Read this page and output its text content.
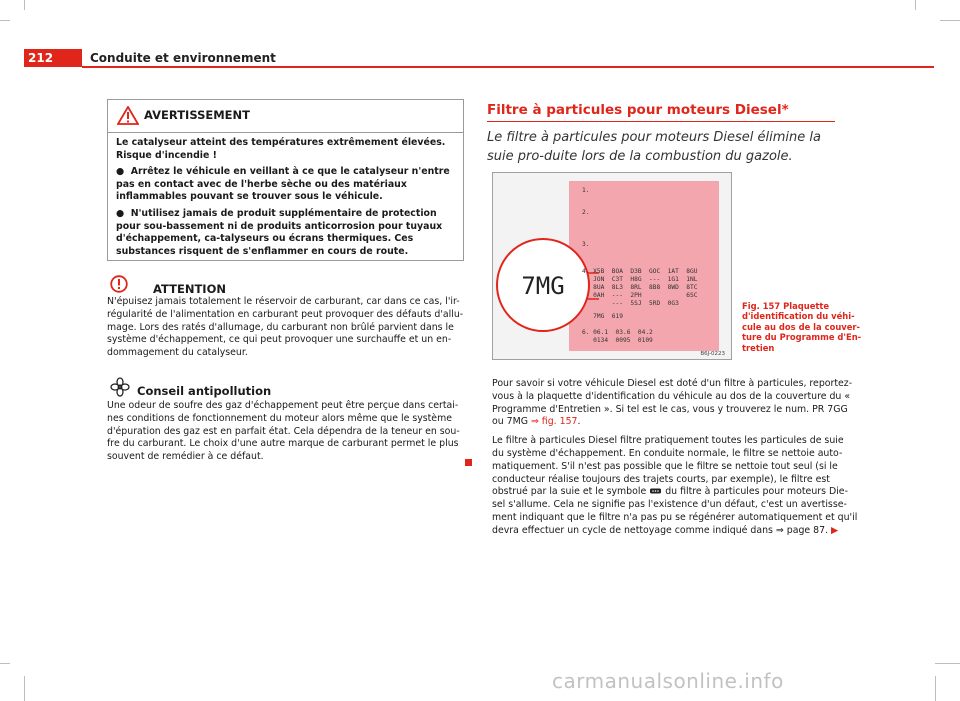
212	Conduite et environnement
AVERTISSEMENT

Le catalyseur atteint des températures extrêmement élevées. Risque d'incendie !

● Arrêtez le véhicule en veillant à ce que le catalyseur n'entre pas en contact avec de l'herbe sèche ou des matériaux inflammables pouvant se trouver sous le véhicule.

● N'utilisez jamais de produit supplémentaire de protection pour sou-bassement ni de produits anticorrosion pour tuyaux d'échappement, ca-talyseurs ou écrans thermiques. Ces substances risquent de s'enflammer en cours de route.

ATTENTION

N'épuisez jamais totalement le réservoir de carburant, car dans ce cas, l'ir-régularité de l'alimentation en carburant peut provoquer des défauts d'allu-mage. Lors des ratés d'allumage, du carburant non brûlé parvient dans le système d'échappement, ce qui peut provoquer une surchauffe et un en-dommagement du catalyseur.

Conseil antipollution

Une odeur de soufre des gaz d'échappement peut être perçue dans certai-nes conditions de fonctionnement du moteur alors même que le système d'épuration des gaz est en parfait état. Cela dépendra de la teneur en sou-fre du carburant. Le choix d'une autre marque de carburant permet le plus souvent de remédier à ce défaut.

Filtre à particules pour moteurs Diesel*
Le filtre à particules pour moteurs Diesel élimine la suie pro-duite lors de la combustion du gazole.
7MG
1.
2.
3.
4. X5B  BOA  D3B  GOC  1AT  8GU
JON  C3T  H8G  ---  1G1  1NL
8UA  8L3  8RL  8B8  8WD  8TC
0AH  ---  2PH            6SC
---  5SJ  5RD  0G3
7MG  619
6. 06.1  03.6  04.2
0134  0095  0109
B6J-0223
Fig. 157 Plaquette d'identification du véhi-cule au dos de la couver-ture du Programme d'En-tretien

Pour savoir si votre véhicule Diesel est doté d'un filtre à particules, reportez-vous à la plaquette d'identification du véhicule au dos de la couverture du « Programme d'Entretien ». Si tel est le cas, vous y trouverez le num. PR 7GG ou 7MG ⇒ fig. 157.

Le filtre à particules Diesel filtre pratiquement toutes les particules de suie du système d'échappement. En conduite normale, le filtre se nettoie auto-matiquement. S'il n'est pas possible que le filtre se nettoie tout seul (si le conducteur réalise toujours des trajets courts, par exemple), le filtre est obstrué par la suie et le symbole  du filtre à particules pour moteurs Die-sel s'allume. Cela ne signifie pas l'existence d'un défaut, c'est un avertisse-ment indiquant que le filtre n'a pas pu se régénérer automatiquement et qu'il devra effectuer un cycle de nettoyage comme indiqué dans ⇒ page 87. ▶

carmanualsonline.info
